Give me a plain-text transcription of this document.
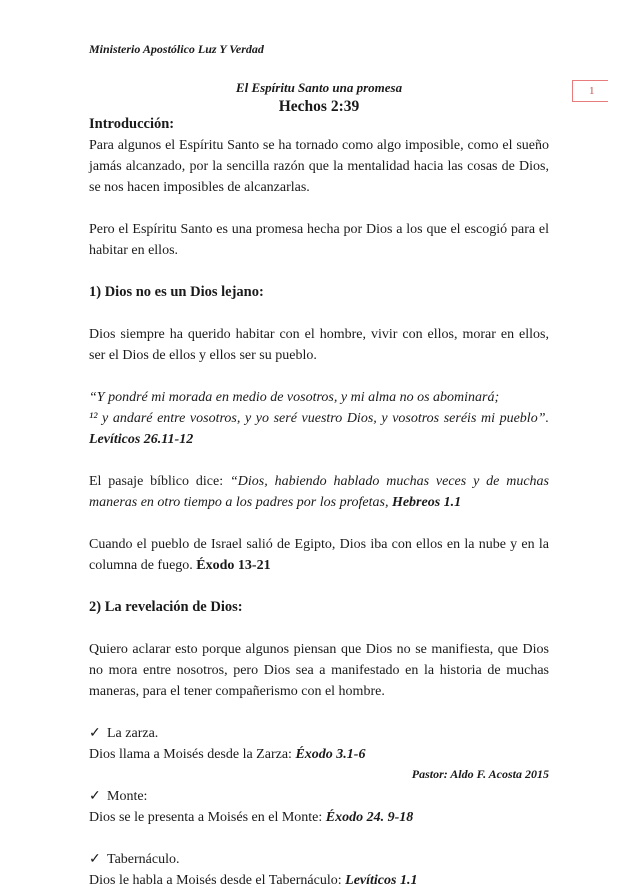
Ministerio Apostólico Luz Y Verdad
1
El Espíritu Santo una promesa
Hechos 2:39

Introducción:

Para algunos el Espíritu Santo se ha tornado como algo imposible, como el sueño jamás alcanzado, por la sencilla razón que la mentalidad hacia las cosas de Dios, se nos hacen imposibles de alcanzarlas.

Pero el Espíritu Santo es una promesa hecha por Dios a los que el escogió para el habitar en ellos.

1) Dios no es un Dios lejano:

Dios siempre ha querido habitar con el hombre, vivir con ellos, morar en ellos, ser el Dios de ellos y ellos ser su pueblo.

“Y pondré mi morada en medio de vosotros, y mi alma no os abominará;

¹² y andaré entre vosotros, y yo seré vuestro Dios, y vosotros seréis mi pueblo”. Levíticos 26.11-12

El pasaje bíblico dice: “Dios, habiendo hablado muchas veces y de muchas maneras en otro tiempo a los padres por los profetas, Hebreos 1.1

Cuando el pueblo de Israel salió de Egipto, Dios iba con ellos en la nube y en la columna de fuego. Éxodo 13-21

2) La revelación de Dios:

Quiero aclarar esto porque algunos piensan que Dios no se manifiesta, que Dios no mora entre nosotros, pero Dios sea a manifestado en la historia de muchas maneras, para el tener compañerismo con el hombre.

✓ La zarza.

Dios llama a Moisés desde la Zarza: Éxodo 3.1-6

✓ Monte:

Dios se le presenta a Moisés en el Monte: Éxodo 24. 9-18

✓ Tabernáculo.

Dios le habla a Moisés desde el Tabernáculo: Levíticos 1.1

Pastor: Aldo F. Acosta 2015
